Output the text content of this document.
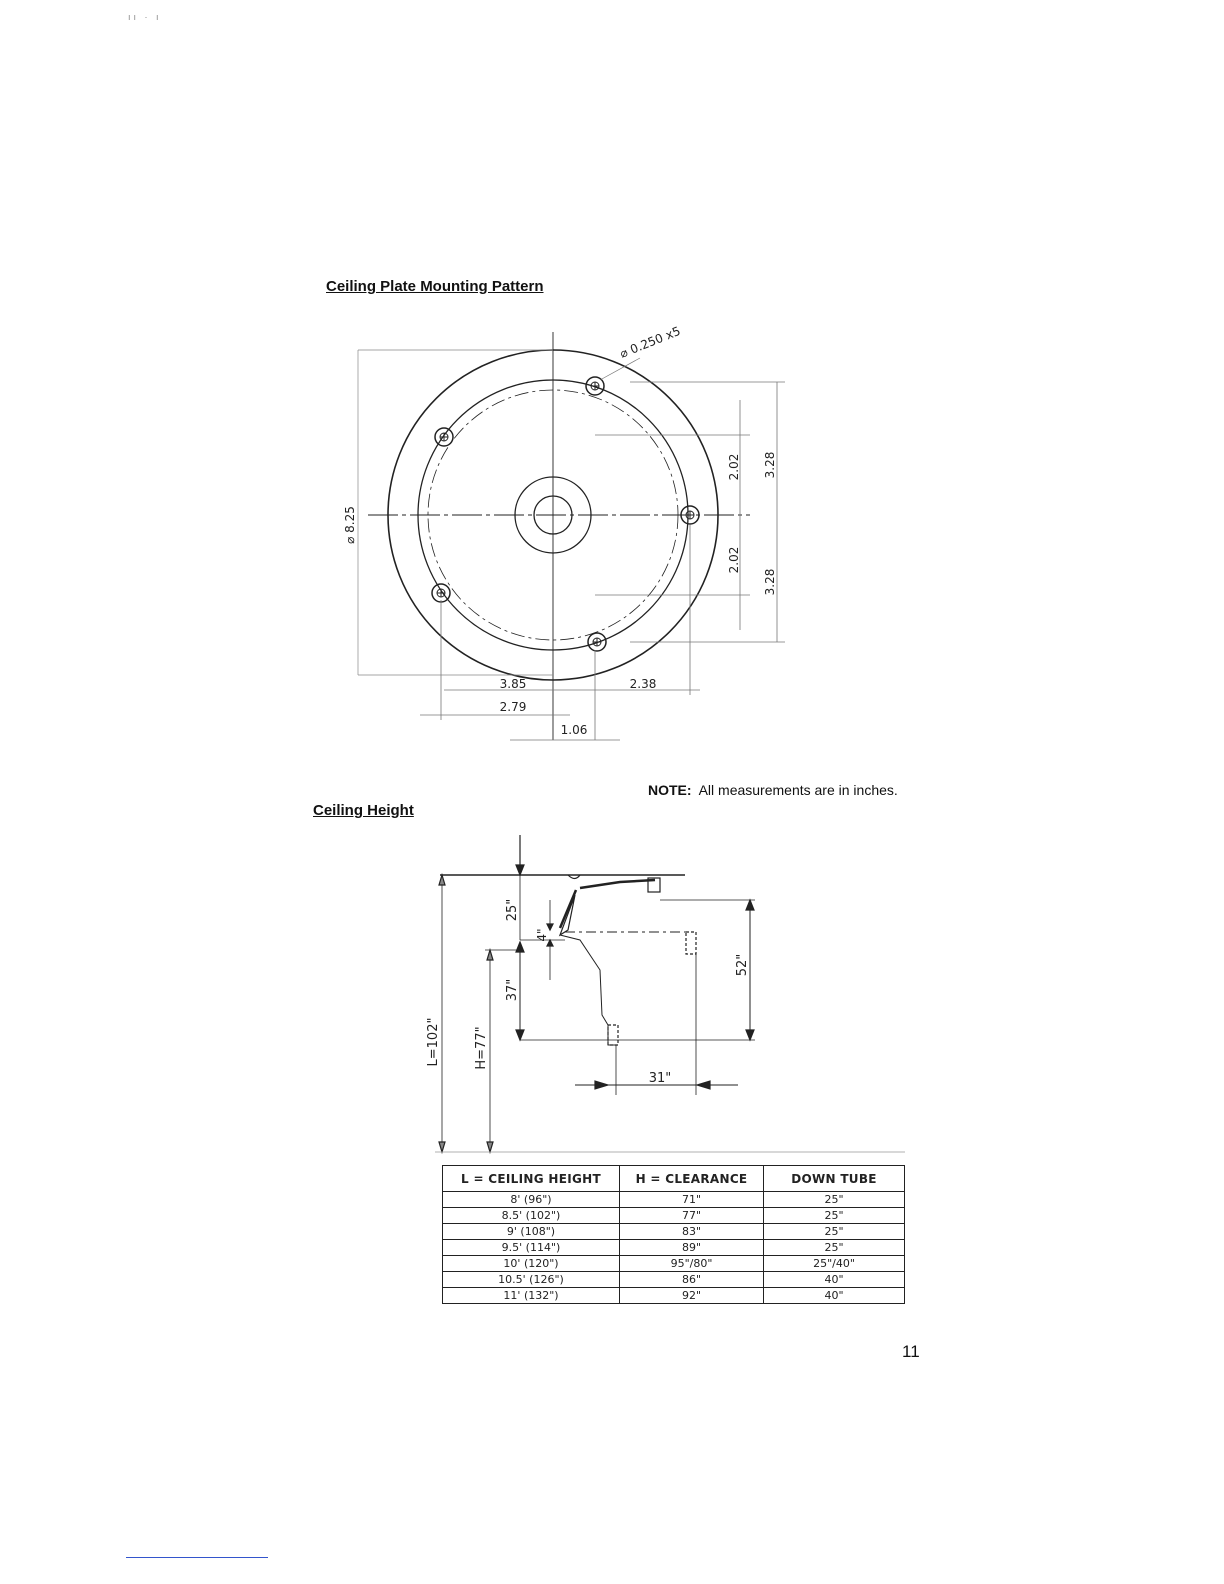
ıı · ı
Ceiling Plate Mounting Pattern
⌀ 0.250 x5
⌀ 8.25
2.02
2.02
3.28
3.28
3.85	2.38
2.79
1.06
NOTE: All measurements are in inches.
Ceiling Height
25"
4"
37"
52"
31"
L=102"	H=77"
L = CEILING HEIGHT	H = CLEARANCE	DOWN TUBE
8' (96")	71"	25"
8.5' (102")	77"	25"
9' (108")	83"	25"
9.5' (114")	89"	25"
10' (120")	95"/80"	25"/40"
10.5' (126")	86"	40"
11' (132")	92"	40"
11
